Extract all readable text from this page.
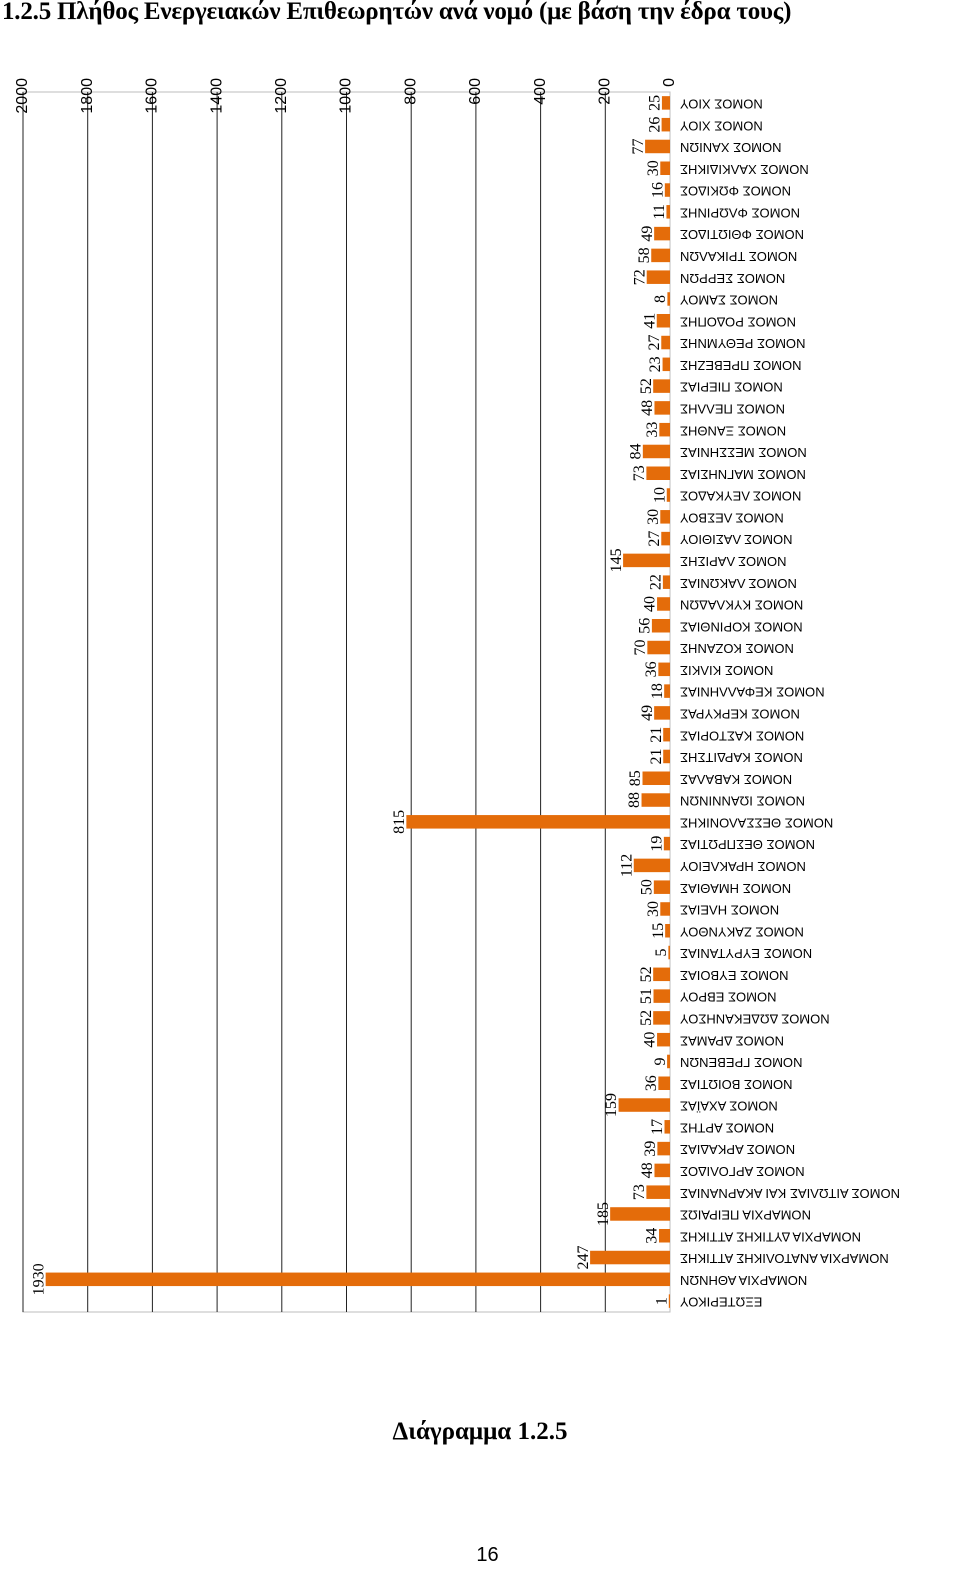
1.2.5 Πλήθος Ενεργειακών Επιθεωρητών ανά νομό (με βάση την έδρα τους)
1
1930
247
34
185
73
48
39
17
159
36
9
40
52
51
52
5
15
30
50
112
19
815
88
85
21
21
49
18
36
70
56
40
22
145
27
30
10
73
84
33
48
52
23
27
41
8
72
58
49
11
16
30
77
26
25
ΕΞΩΤΕΡΙΚΟΥ
ΝΟΜΑΡΧΙΑ ΑΘΗΝΩΝ
ΝΟΜΑΡΧΙΑ ΑΝΑΤΟΛΙΚΗΣ ΑΤΤΙΚΗΣ
ΝΟΜΑΡΧΙΑ ΔΥΤΙΚΗΣ ΑΤΤΙΚΗΣ
ΝΟΜΑΡΧΙΑ ΠΕΙΡΑΙΩΣ
ΝΟΜΟΣ ΑΙΤΩΛΙΑΣ ΚΑΙ ΑΚΑΡΝΑΝΙΑΣ
ΝΟΜΟΣ ΑΡΓΟΛΙΔΟΣ
ΝΟΜΟΣ ΑΡΚΑΔΙΑΣ
ΝΟΜΟΣ ΑΡΤΗΣ
ΝΟΜΟΣ ΑΧΑΪΑΣ
ΝΟΜΟΣ ΒΟΙΩΤΙΑΣ
ΝΟΜΟΣ ΓΡΕΒΕΝΩΝ
ΝΟΜΟΣ ΔΡΑΜΑΣ
ΝΟΜΟΣ ΔΩΔΕΚΑΝΗΣΟΥ
ΝΟΜΟΣ ΕΒΡΟΥ
ΝΟΜΟΣ ΕΥΒΟΙΑΣ
ΝΟΜΟΣ ΕΥΡΥΤΑΝΙΑΣ
ΝΟΜΟΣ ΖΑΚΥΝΘΟΥ
ΝΟΜΟΣ ΗΛΕΙΑΣ
ΝΟΜΟΣ ΗΜΑΘΙΑΣ
ΝΟΜΟΣ ΗΡΑΚΛΕΙΟΥ
ΝΟΜΟΣ ΘΕΣΠΡΩΤΙΑΣ
ΝΟΜΟΣ ΘΕΣΣΑΛΟΝΙΚΗΣ
ΝΟΜΟΣ ΙΩΑΝΝΙΝΩΝ
ΝΟΜΟΣ ΚΑΒΑΛΑΣ
ΝΟΜΟΣ ΚΑΡΔΙΤΣΗΣ
ΝΟΜΟΣ ΚΑΣΤΟΡΙΑΣ
ΝΟΜΟΣ ΚΕΡΚΥΡΑΣ
ΝΟΜΟΣ ΚΕΦΑΛΛΗΝΙΑΣ
ΝΟΜΟΣ ΚΙΛΚΙΣ
ΝΟΜΟΣ ΚΟΖΑΝΗΣ
ΝΟΜΟΣ ΚΟΡΙΝΘΙΑΣ
ΝΟΜΟΣ ΚΥΚΛΑΔΩΝ
ΝΟΜΟΣ ΛΑΚΩΝΙΑΣ
ΝΟΜΟΣ ΛΑΡΙΣΗΣ
ΝΟΜΟΣ ΛΑΣΙΘΙΟΥ
ΝΟΜΟΣ ΛΕΣΒΟΥ
ΝΟΜΟΣ ΛΕΥΚΑΔΟΣ
ΝΟΜΟΣ ΜΑΓΝΗΣΙΑΣ
ΝΟΜΟΣ ΜΕΣΣΗΝΙΑΣ
ΝΟΜΟΣ ΞΑΝΘΗΣ
ΝΟΜΟΣ ΠΕΛΛΗΣ
ΝΟΜΟΣ ΠΙΕΡΙΑΣ
ΝΟΜΟΣ ΠΡΕΒΕΖΗΣ
ΝΟΜΟΣ ΡΕΘΥΜΝΗΣ
ΝΟΜΟΣ ΡΟΔΟΠΗΣ
ΝΟΜΟΣ ΣΑΜΟΥ
ΝΟΜΟΣ ΣΕΡΡΩΝ
ΝΟΜΟΣ ΤΡΙΚΑΛΩΝ
ΝΟΜΟΣ ΦΘΙΩΤΙΔΟΣ
ΝΟΜΟΣ ΦΛΩΡΙΝΗΣ
ΝΟΜΟΣ ΦΩΚΙΔΟΣ
ΝΟΜΟΣ ΧΑΛΚΙΔΙΚΗΣ
ΝΟΜΟΣ ΧΑΝΙΩΝ
ΝΟΜΟΣ ΧΙΟΥ
ΝΟΜΟΣ ΧΙΟΥ
0
200
400
600
800
1000
1200
1400
1600
1800
2000
Διάγραμμα 1.2.5
16
